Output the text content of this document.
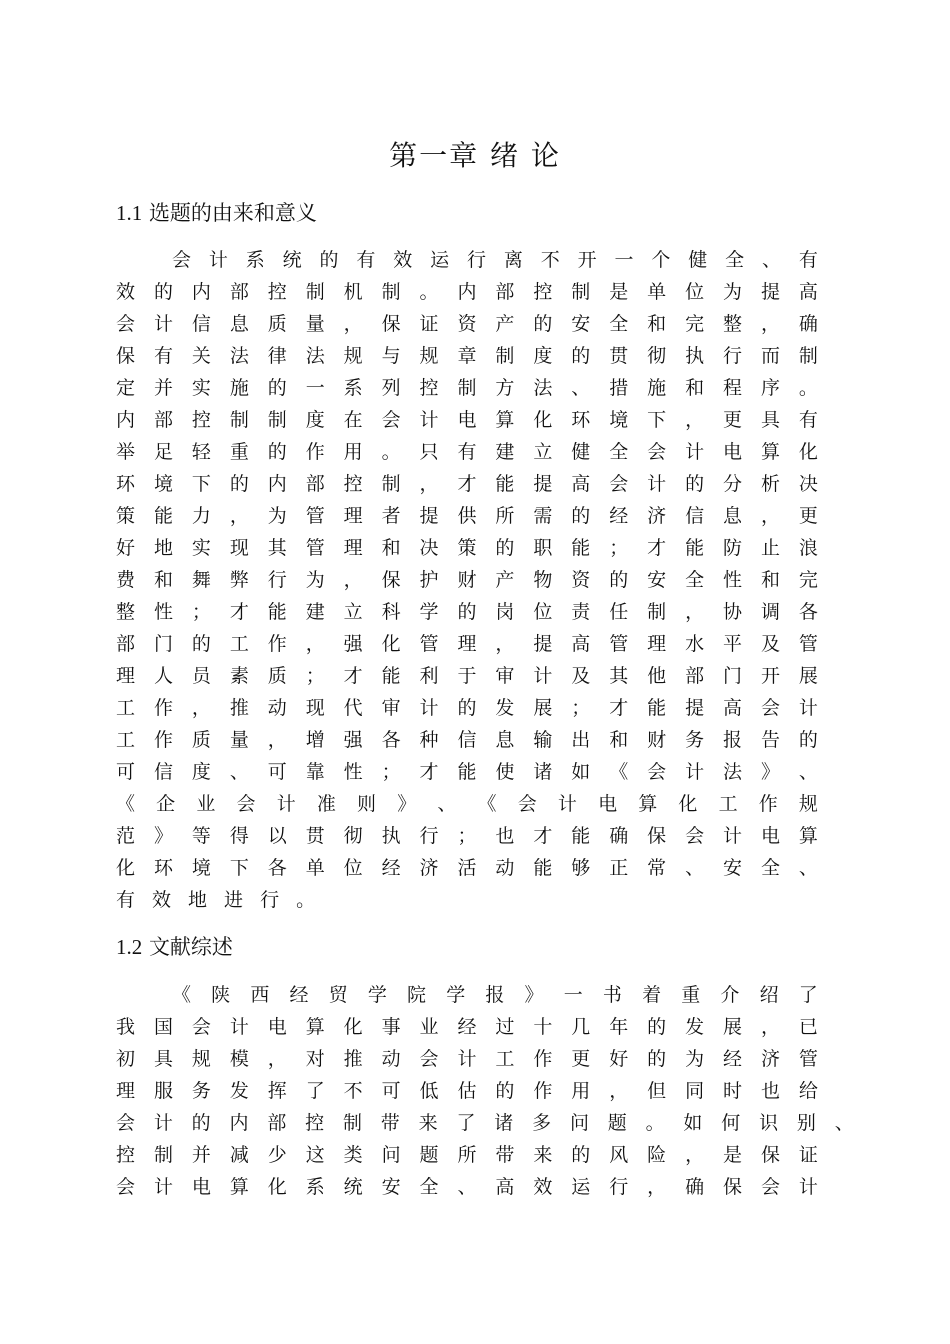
第一章 绪 论
1.1 选题的由来和意义
会 计 系 统 的 有 效 运 行 离 不 开 一 个 健 全 、 有
效 的 内 部 控 制 机 制 。 内 部 控 制 是 单 位 为 提 高
会 计 信 息 质 量 ， 保 证 资 产 的 安 全 和 完 整 ， 确
保 有 关 法 律 法 规 与 规 章 制 度 的 贯 彻 执 行 而 制
定 并 实 施 的 一 系 列 控 制 方 法 、 措 施 和 程 序 。
内 部 控 制 制 度 在 会 计 电 算 化 环 境 下 ， 更 具 有
举 足 轻 重 的 作 用 。 只 有 建 立 健 全 会 计 电 算 化
环 境 下 的 内 部 控 制 ， 才 能 提 高 会 计 的 分 析 决
策 能 力 ， 为 管 理 者 提 供 所 需 的 经 济 信 息 ， 更
好 地 实 现 其 管 理 和 决 策 的 职 能 ； 才 能 防 止 浪
费 和 舞 弊 行 为 ， 保 护 财 产 物 资 的 安 全 性 和 完
整 性 ； 才 能 建 立 科 学 的 岗 位 责 任 制 ， 协 调 各
部 门 的 工 作 ， 强 化 管 理 ， 提 高 管 理 水 平 及 管
理 人 员 素 质 ； 才 能 利 于 审 计 及 其 他 部 门 开 展
工 作 ， 推 动 现 代 审 计 的 发 展 ； 才 能 提 高 会 计
工 作 质 量 ， 增 强 各 种 信 息 输 出 和 财 务 报 告 的
可 信 度 、 可 靠 性 ； 才 能 使 诸 如 《 会 计 法 》 、
《 企 业 会 计 准 则 》 、 《 会 计 电 算 化 工 作 规
范 》 等 得 以 贯 彻 执 行 ； 也 才 能 确 保 会 计 电 算
化 环 境 下 各 单 位 经 济 活 动 能 够 正 常 、 安 全 、
有 效 地 进 行 。
1.2 文献综述
《 陕 西 经 贸 学 院 学 报 》 一 书 着 重 介 绍 了
我 国 会 计 电 算 化 事 业 经 过 十 几 年 的 发 展 ， 已
初 具 规 模 ， 对 推 动 会 计 工 作 更 好 的 为 经 济 管
理 服 务 发 挥 了 不 可 低 估 的 作 用 ， 但 同 时 也 给
会 计 的 内 部 控 制 带 来 了 诸 多 问 题 。 如 何 识 别 、
控 制 并 减 少 这 类 问 题 所 带 来 的 风 险 ， 是 保 证
会 计 电 算 化 系 统 安 全 、 高 效 运 行 ， 确 保 会 计
